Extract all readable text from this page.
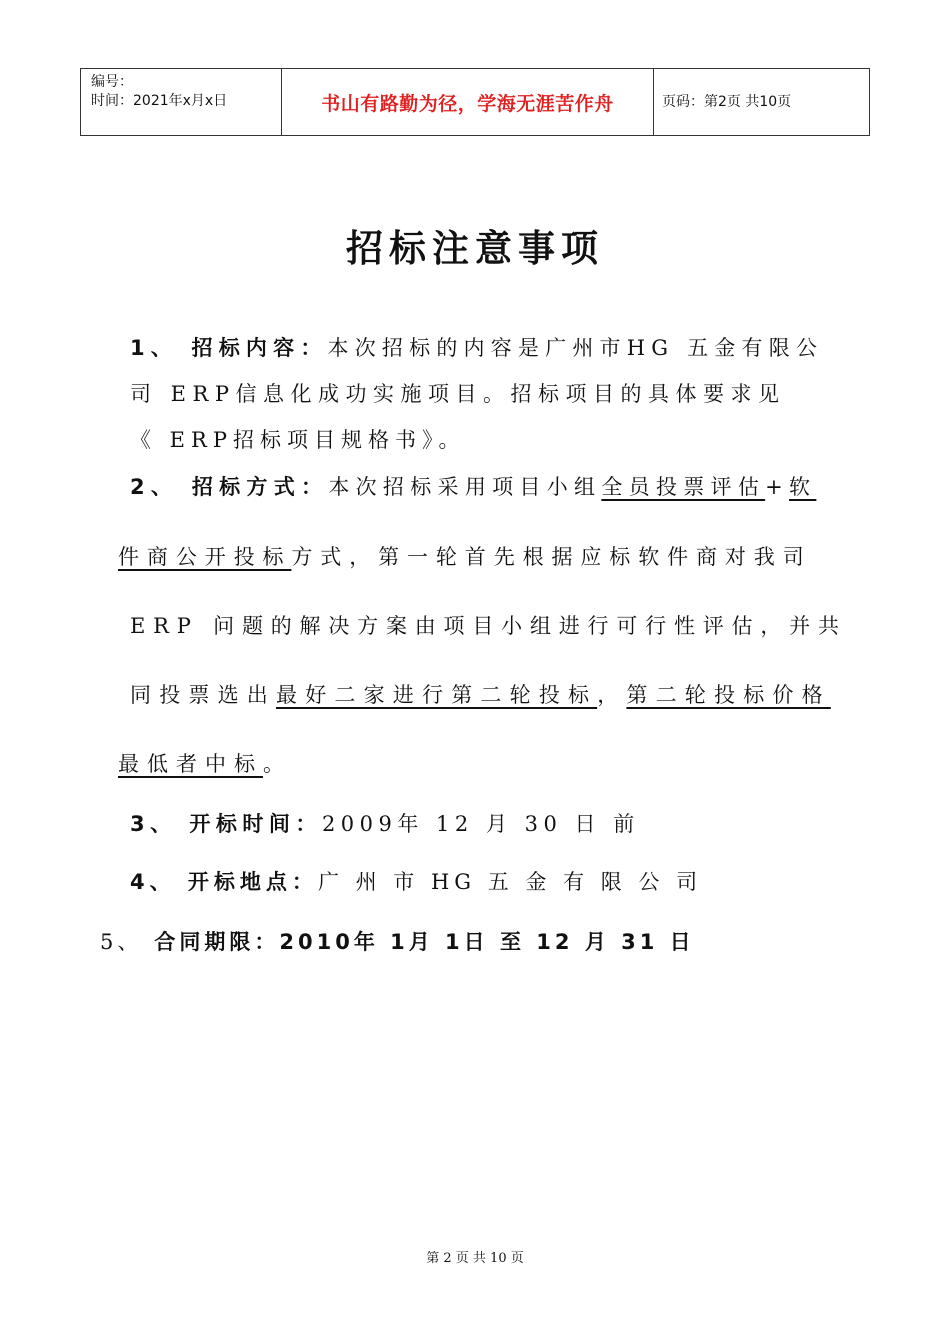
编号：
时间：2021年x月x日	书山有路勤为径，学海无涯苦作舟	页码：第2页 共10页
招标注意事项
1、 招标内容：本次招标的内容是广州市HG 五金有限公
司 ERP信息化成功实施项目。招标项目的具体要求见
《 ERP招标项目规格书》。
2、 招标方式：本次招标采用项目小组全员投票评估+软
件商公开投标方式，第一轮首先根据应标软件商对我司
ERP 问题的解决方案由项目小组进行可行性评估，并共
同投票选出最好二家进行第二轮投标，第二轮投标价格
最低者中标。
3、 开标时间：2009年 12 月 30 日 前
4、 开标地点：广 州 市 HG 五 金 有 限 公 司
5、 合同期限：2010年 1月 1日 至 12 月 31 日
第 2 页 共 10 页
